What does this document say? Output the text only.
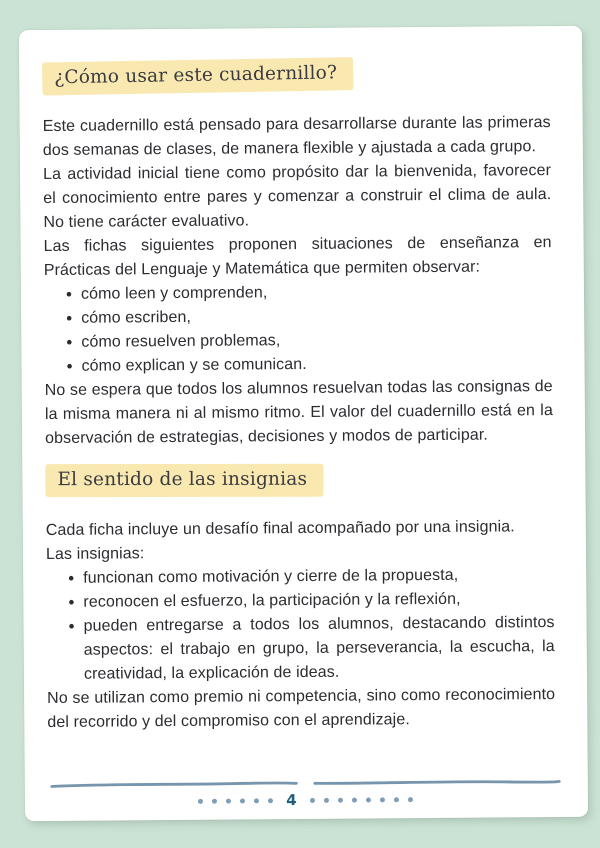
¿Cómo usar este cuadernillo?

Este cuadernillo está pensado para desarrollarse durante las primeras dos semanas de clases, de manera flexible y ajustada a cada grupo.

La actividad inicial tiene como propósito dar la bienvenida, favorecer el conocimiento entre pares y comenzar a construir el clima de aula. No tiene carácter evaluativo.

Las fichas siguientes proponen situaciones de enseñanza en Prácticas del Lenguaje y Matemática que permiten observar:

• cómo leen y comprenden,
• cómo escriben,
• cómo resuelven problemas,
• cómo explican y se comunican.

No se espera que todos los alumnos resuelvan todas las consignas de la misma manera ni al mismo ritmo. El valor del cuadernillo está en la observación de estrategias, decisiones y modos de participar.

El sentido de las insignias

Cada ficha incluye un desafío final acompañado por una insignia.

Las insignias:

• funcionan como motivación y cierre de la propuesta,
• reconocen el esfuerzo, la participación y la reflexión,
• pueden entregarse a todos los alumnos, destacando distintos aspectos: el trabajo en grupo, la perseverancia, la escucha, la creatividad, la explicación de ideas.

No se utilizan como premio ni competencia, sino como reconocimiento del recorrido y del compromiso con el aprendizaje.

4
